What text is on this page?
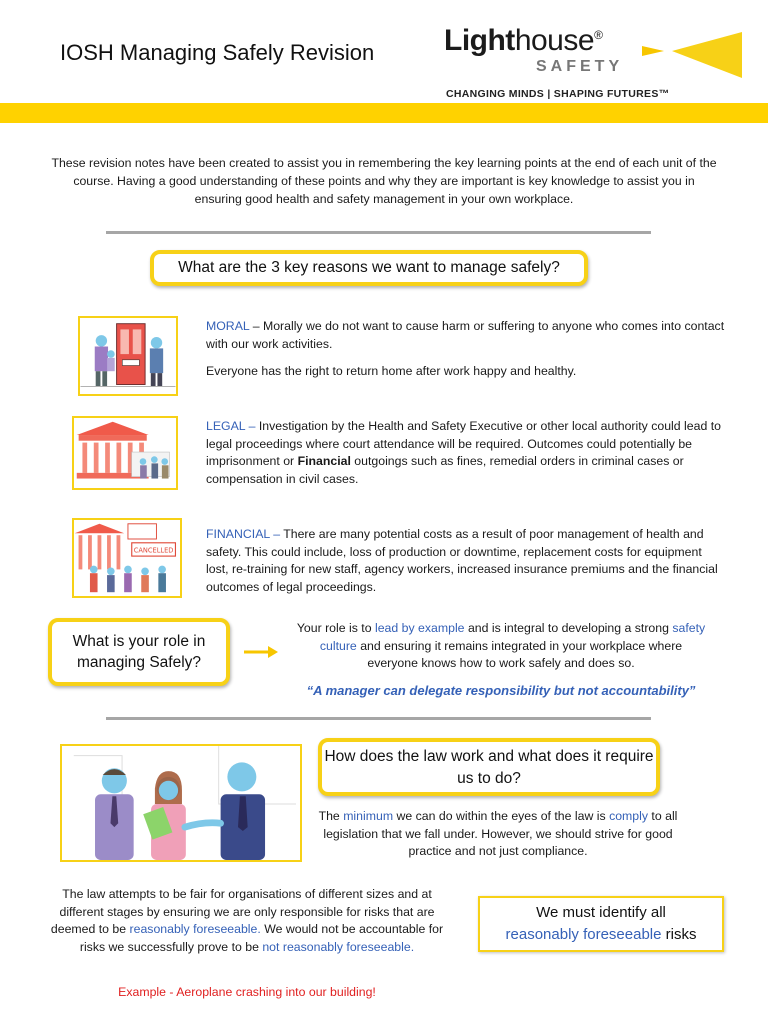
IOSH Managing Safely Revision Lighthouse®
SAFETY
CHANGING MINDS | SHAPING FUTURES™
These revision notes have been created to assist you in remembering the key learning points at the end of each unit of the course. Having a good understanding of these points and why they are important is key knowledge to assist you in ensuring good health and safety management in your own workplace.
What are the 3 key reasons we want to manage safely?
MORAL – Morally we do not want to cause harm or suffering to anyone who comes into contact with our work activities.
Everyone has the right to return home after work happy and healthy.
LEGAL – Investigation by the Health and Safety Executive or other local authority could lead to legal proceedings where court attendance will be required. Outcomes could potentially be imprisonment or Financial outgoings such as fines, remedial orders in criminal cases or compensation in civil cases.
CANCELLED
FINANCIAL – There are many potential costs as a result of poor management of health and safety. This could include, loss of production or downtime, replacement costs for equipment lost, re-training for new staff, agency workers, increased insurance premiums and the financial outcomes of legal proceedings.
What is your role in managing Safely?
Your role is to lead by example and is integral to developing a strong safety culture and ensuring it remains integrated in your workplace where everyone knows how to work safely and does so.
“A manager can delegate responsibility but not accountability”
How does the law work and what does it require us to do?
The minimum we can do within the eyes of the law is comply to all legislation that we fall under. However, we should strive for good practice and not just compliance.
The law attempts to be fair for organisations of different sizes and at different stages by ensuring we are only responsible for risks that are deemed to be reasonably foreseeable. We would not be accountable for risks we successfully prove to be not reasonably foreseeable.
We must identify all
reasonably foreseeable risks
Example - Aeroplane crashing into our building!
